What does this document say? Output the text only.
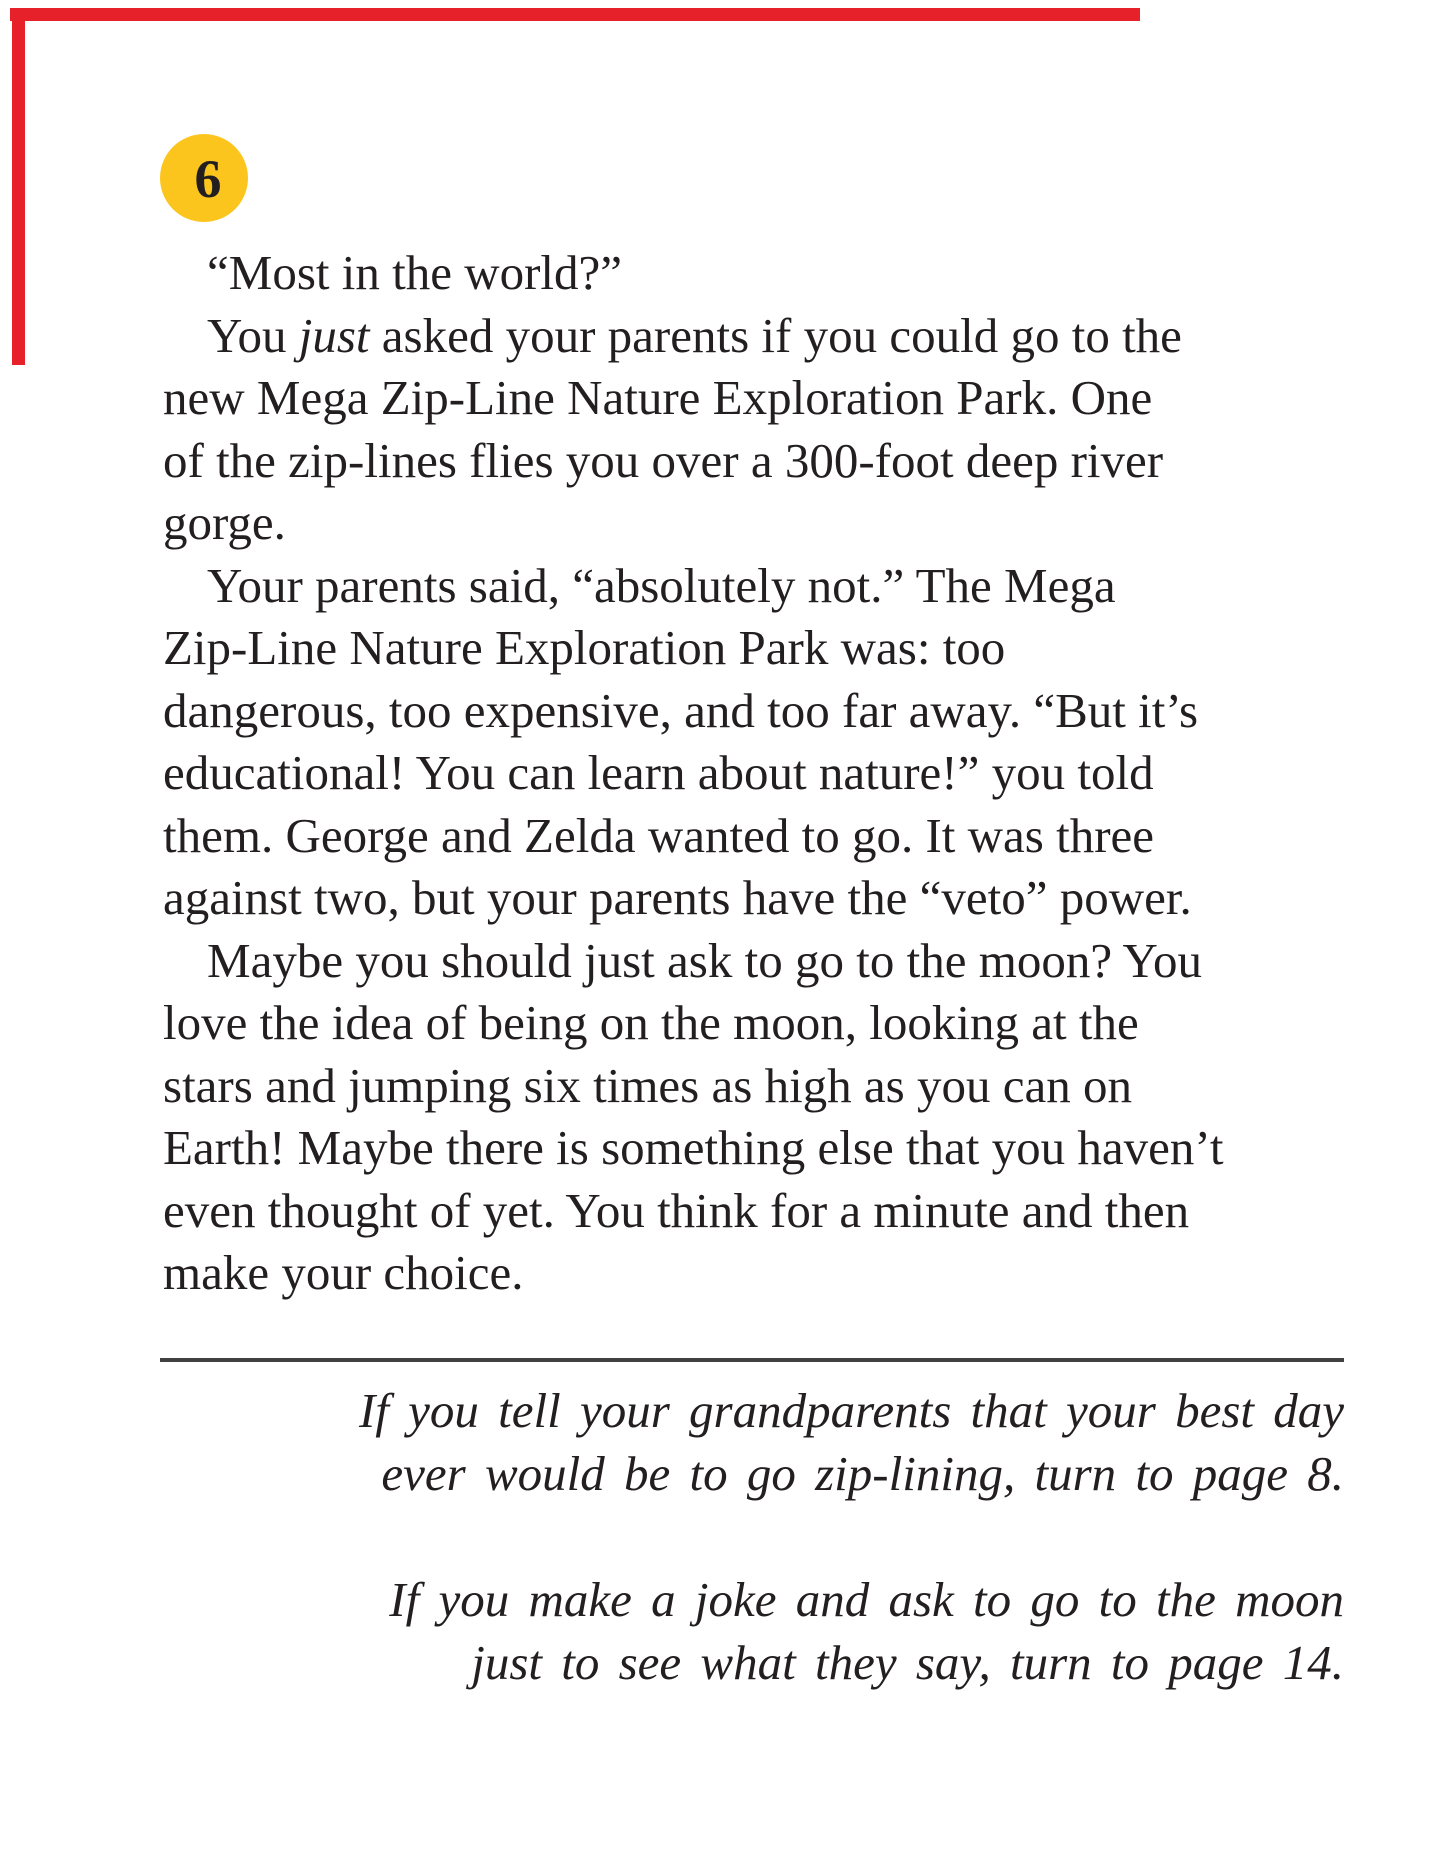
6
“Most in the world?”
You just asked your parents if you could go to the
new Mega Zip-Line Nature Exploration Park. One
of the zip-lines flies you over a 300-foot deep river
gorge.
Your parents said, “absolutely not.” The Mega
Zip-Line Nature Exploration Park was: too
dangerous, too expensive, and too far away. “But it’s
educational! You can learn about nature!” you told
them. George and Zelda wanted to go. It was three
against two, but your parents have the “veto” power.
Maybe you should just ask to go to the moon? You
love the idea of being on the moon, looking at the
stars and jumping six times as high as you can on
Earth! Maybe there is something else that you haven’t
even thought of yet. You think for a minute and then
make your choice.
If you tell your grandparents that your best day
ever would be to go zip-lining, turn to page 8.
If you make a joke and ask to go to the moon
just to see what they say, turn to page 14.
